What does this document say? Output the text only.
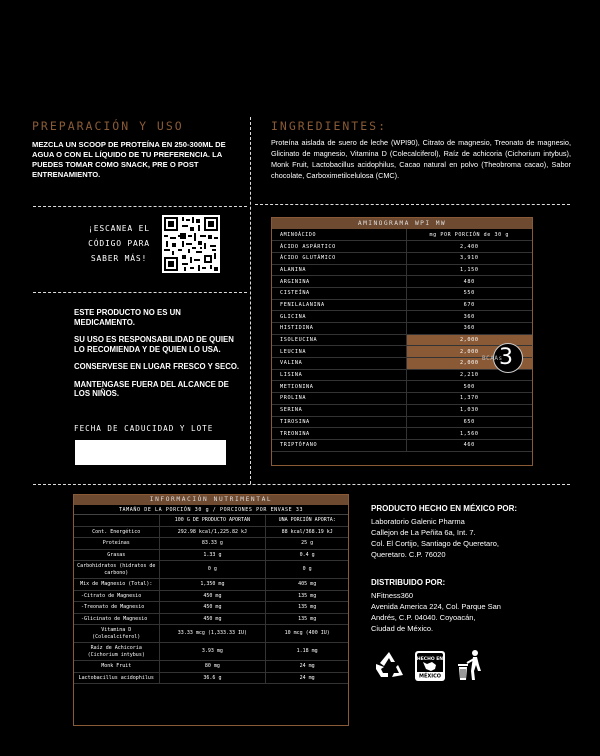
PREPARACIÓN Y USO
MEZCLA UN SCOOP DE PROTEÍNA EN 250-300ML DE AGUA O CON EL LÍQUIDO DE TU PREFERENCIA. LA PUEDES TOMAR COMO SNACK, PRE O POST ENTRENAMIENTO.
INGREDIENTES:
Proteína aislada de suero de leche (WPI90), Citrato de magnesio, Treonato de magnesio, Glicinato de magnesio, Vitamina D (Colecalciferol), Raíz de achicoria (Cichorium intybus), Monk Fruit, Lactobacillus acidophilus, Cacao natural en polvo (Theobroma cacao), Sabor chocolate, Carboximetilcelulosa (CMC).
¡ESCANEA EL CÓDIGO PARA SABER MÁS!

ESTE PRODUCTO NO ES UN MEDICAMENTO.

SU USO ES RESPONSABILIDAD DE QUIEN LO RECOMIENDA Y DE QUIEN LO USA.

CONSERVESE EN LUGAR FRESCO Y SECO.

MANTENGASE FUERA DEL ALCANCE DE LOS NIÑOS.

FECHA DE CADUCIDAD Y LOTE
AMINOGRAMA WPI MW
AMINOÁCIDO	mg POR PORCIÓN de 30 g
ÁCIDO ASPÁRTICO	2,400
ÁCIDO GLUTÁMICO	3,910
ALANINA	1,150
ARGININA	480
CISTEÍNA	550
FENILALANINA	670
GLICINA	360
HISTIDINA	360
ISOLEUCINA	2,000
LEUCINA	2,000
VALINA	2,000
LISINA	2,210
METIONINA	500
PROLINA	1,370
SERINA	1,030
TIROSINA	650
TREONINA	1,560
TRIPTÓFANO	460
BCAAs
3
INFORMACIÓN NUTRIMENTAL
TAMAÑO DE LA PORCIÓN 30 g / PORCIONES POR ENVASE 33
	100 G DE PRODUCTO APORTAN	UNA PORCIÓN APORTA:
Cont. Energético	292.98 kcal/1,225.82 kJ	88 kcal/368.19 kJ
Proteínas	83.33 g	25 g
Grasas	1.33 g	0.4 g
Carbohidratos (hidratos de carbono)	0 g	0 g
Mix de Magnesio (Total):	1,350 mg	405 mg
-Citrato de Magnesio	450 mg	135 mg
-Treonato de Magnesio	450 mg	135 mg
-Glicinato de Magnesio	450 mg	135 mg
Vitamina D (Colecalciferol)	33.33 mcg (1,333.33 IU)	10 mcg (400 IU)
Raíz de Achicoria (Cichorium intybus)	3.93 mg	1.18 mg
Monk Fruit	80 mg	24 mg
Lactobacillus acidophilus	36.6 g	24 mg
PRODUCTO HECHO EN MÉXICO POR:
Laboratorio Galenic Pharma
Callejon de La Peñita 6a, Int. 7.
Col. El Cortijo, Santiago de Queretaro,
Queretaro. C.P. 76020
DISTRIBUIDO POR:
NFitness360
Avenida America 224, Col. Parque San
Andrés, C.P. 04040. Coyoacán,
Ciudad de México.
HECHO EN
MÉXICO
